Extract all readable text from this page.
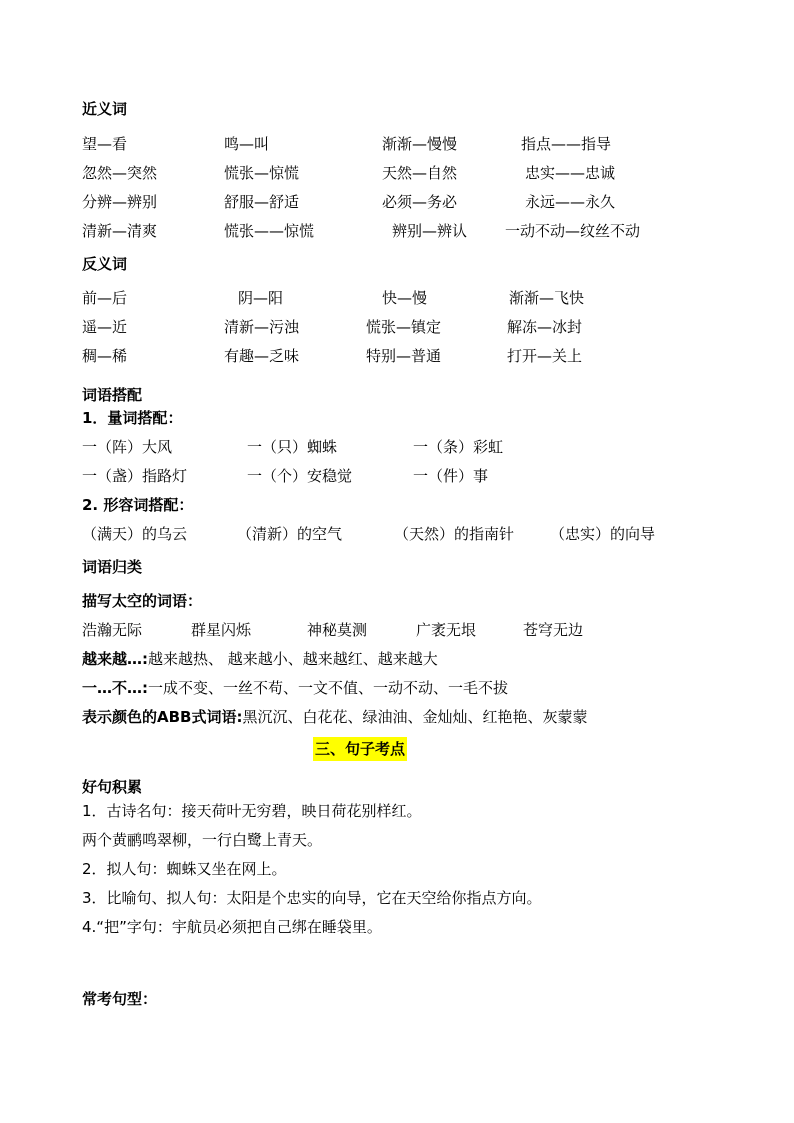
近义词
望—看	鸣—叫	渐渐—慢慢	指点——指导
忽然—突然	慌张—惊慌	天然—自然	忠实——忠诚
分辨—辨别	舒服—舒适	必须—务必	永远——永久
清新—清爽	慌张——惊慌	辨别—辨认	一动不动—纹丝不动
反义词
前—后	阴—阳	快—慢	渐渐—飞快
遥—近	清新—污浊	慌张—镇定	解冻—冰封
稠—稀	有趣—乏味	特别—普通	打开—关上
词语搭配
1．量词搭配：
一（阵）大风	一（只）蜘蛛	一（条）彩虹
一（盏）指路灯	一（个）安稳觉	一（件）事
2. 形容词搭配：
（满天）的乌云	（清新）的空气	（天然）的指南针 （忠实）的向导
词语归类
描写太空的词语：
浩瀚无际	群星闪烁	神秘莫测	广袤无垠	苍穹无边
越来越…:越来越热、 越来越小、越来越红、越来越大
一…不…:一成不变、一丝不苟、一文不值、一动不动、一毛不拔
表示颜色的ABB式词语:黑沉沉、白花花、绿油油、金灿灿、红艳艳、灰蒙蒙
三、句子考点
好句积累
1．古诗名句：接天荷叶无穷碧，映日荷花别样红。
两个黄鹂鸣翠柳，一行白鹭上青天。
2．拟人句：蜘蛛又坐在网上。
3．比喻句、拟人句：太阳是个忠实的向导，它在天空给你指点方向。
4.“把”字句：宇航员必须把自己绑在睡袋里。
常考句型：
